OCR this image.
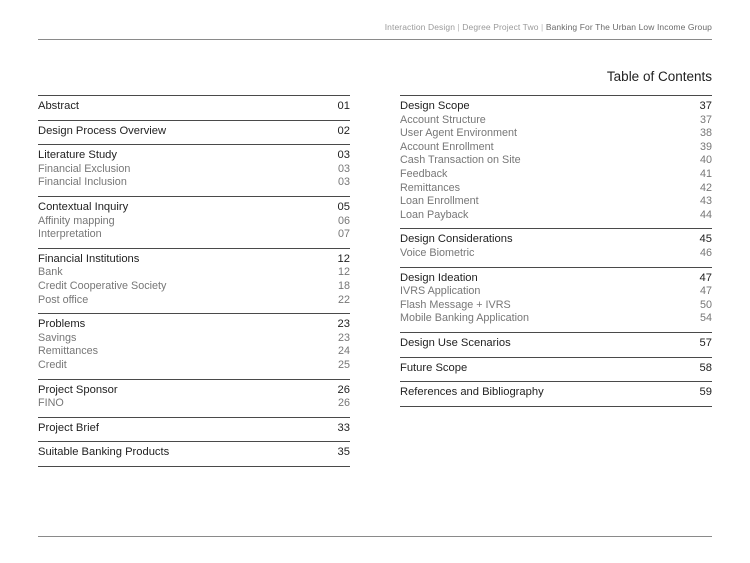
Interaction Design | Degree Project Two | Banking For The Urban Low Income Group
Table of Contents
Abstract	01
Design Process Overview	02
Literature Study	03
Financial Exclusion	03
Financial Inclusion	03
Contextual Inquiry	05
Affinity mapping	06
Interpretation	07
Financial Institutions	12
Bank	12
Credit Cooperative Society	18
Post office	22
Problems	23
Savings	23
Remittances	24
Credit	25
Project Sponsor	26
FINO	26
Project Brief	33
Suitable Banking Products	35
Design Scope	37
Account Structure	37
User Agent Environment	38
Account Enrollment	39
Cash Transaction on Site	40
Feedback	41
Remittances	42
Loan Enrollment	43
Loan Payback	44
Design Considerations	45
Voice Biometric	46
Design Ideation	47
IVRS Application	47
Flash Message + IVRS	50
Mobile Banking Application	54
Design Use Scenarios	57
Future Scope	58
References and Bibliography	59
